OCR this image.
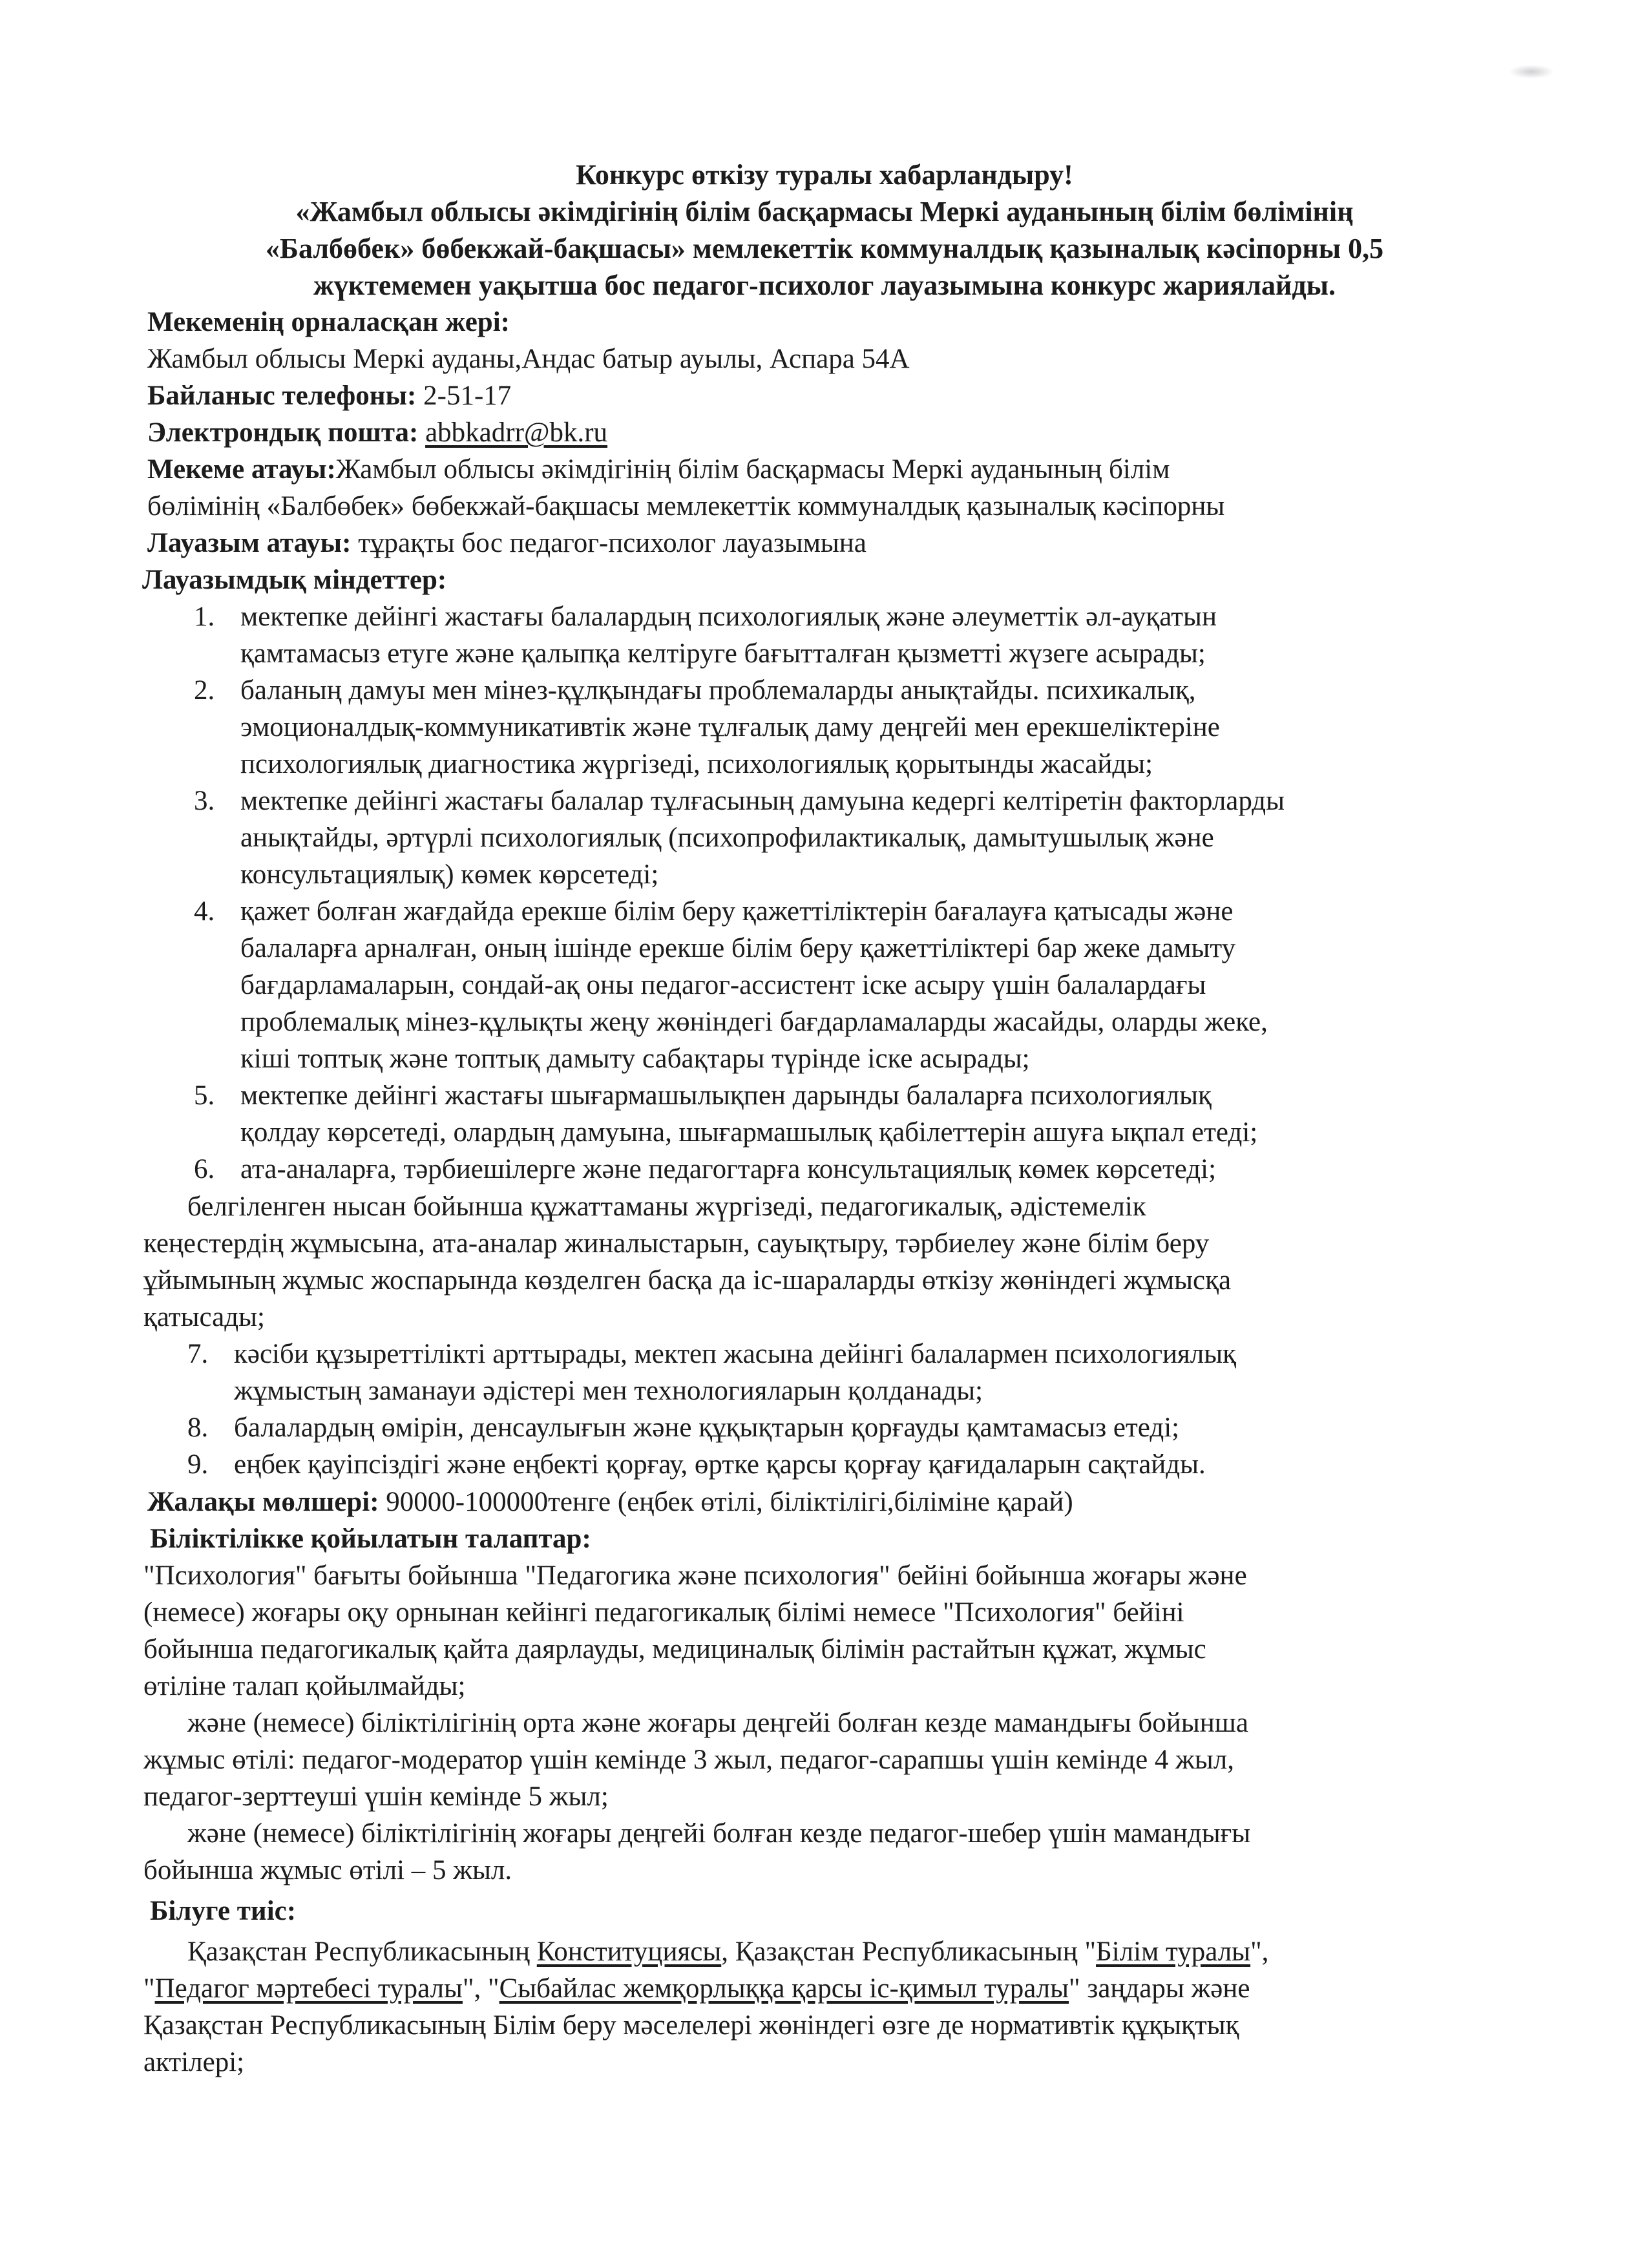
Конкурс өткізу туралы хабарландыру!
«Жамбыл облысы әкімдігінің білім басқармасы Меркі ауданының білім бөлімінің
«Балбөбек» бөбекжай-бақшасы» мемлекеттік коммуналдық қазыналық кәсіпорны 0,5
жүктемемен уақытша бос педагог-психолог лауазымына конкурс жариялайды.
Мекеменің орналасқан жері:
Жамбыл облысы Меркі ауданы,Андас батыр ауылы, Аспара 54А
Байланыс телефоны: 2-51-17
Электрондық пошта: abbkadrr@bk.ru
Мекеме атауы:Жамбыл облысы әкімдігінің білім басқармасы Меркі ауданының білім
бөлімінің «Балбөбек» бөбекжай-бақшасы мемлекеттік коммуналдық қазыналық кәсіпорны
Лауазым атауы: тұрақты бос педагог-психолог лауазымына
Лауазымдық міндеттер:
1. мектепке дейінгі жастағы балалардың психологиялық және әлеуметтік әл-ауқатын
қамтамасыз етуге және қалыпқа келтіруге бағытталған қызметті жүзеге асырады;
2. баланың дамуы мен мінез-құлқындағы проблемаларды анықтайды. психикалық,
эмоционалдық-коммуникативтік және тұлғалық даму деңгейі мен ерекшеліктеріне
психологиялық диагностика жүргізеді, психологиялық қорытынды жасайды;
3. мектепке дейінгі жастағы балалар тұлғасының дамуына кедергі келтіретін факторларды
анықтайды, әртүрлі психологиялық (психопрофилактикалық, дамытушылық және
консультациялық) көмек көрсетеді;
4. қажет болған жағдайда ерекше білім беру қажеттіліктерін бағалауға қатысады және
балаларға арналған, оның ішінде ерекше білім беру қажеттіліктері бар жеке дамыту
бағдарламаларын, сондай-ақ оны педагог-ассистент іске асыру үшін балалардағы
проблемалық мінез-құлықты жеңу жөніндегі бағдарламаларды жасайды, оларды жеке,
кіші топтық және топтық дамыту сабақтары түрінде іске асырады;
5. мектепке дейінгі жастағы шығармашылықпен дарынды балаларға психологиялық
қолдау көрсетеді, олардың дамуына, шығармашылық қабілеттерін ашуға ықпал етеді;
6. ата-аналарға, тәрбиешілерге және педагогтарға консультациялық көмек көрсетеді;
белгіленген нысан бойынша құжаттаманы жүргізеді, педагогикалық, әдістемелік
кеңестердің жұмысына, ата-аналар жиналыстарын, сауықтыру, тәрбиелеу және білім беру
ұйымының жұмыс жоспарында көзделген басқа да іс-шараларды өткізу жөніндегі жұмысқа
қатысады;
7. кәсіби құзыреттілікті арттырады, мектеп жасына дейінгі балалармен психологиялық
жұмыстың заманауи әдістері мен технологияларын қолданады;
8. балалардың өмірін, денсаулығын және құқықтарын қорғауды қамтамасыз етеді;
9. еңбек қауіпсіздігі және еңбекті қорғау, өртке қарсы қорғау қағидаларын сақтайды.
Жалақы мөлшері: 90000-100000тенге (еңбек өтілі, біліктілігі,біліміне қарай)
Біліктілікке қойылатын талаптар:
"Психология" бағыты бойынша "Педагогика және психология" бейіні бойынша жоғары және
(немесе) жоғары оқу орнынан кейінгі педагогикалық білімі немесе "Психология" бейіні
бойынша педагогикалық қайта даярлауды, медициналық білімін растайтын құжат, жұмыс
өтіліне талап қойылмайды;
және (немесе) біліктілігінің орта және жоғары деңгейі болған кезде мамандығы бойынша
жұмыс өтілі: педагог-модератор үшін кемінде 3 жыл, педагог-сарапшы үшін кемінде 4 жыл,
педагог-зерттеуші үшін кемінде 5 жыл;
және (немесе) біліктілігінің жоғары деңгейі болған кезде педагог-шебер үшін мамандығы
бойынша жұмыс өтілі – 5 жыл.
Білуге тиіс:
Қазақстан Республикасының Конституциясы, Қазақстан Республикасының "Білім туралы",
"Педагог мәртебесі туралы", "Сыбайлас жемқорлыққа қарсы іс-қимыл туралы" заңдары және
Қазақстан Республикасының Білім беру мәселелері жөніндегі өзге де нормативтік құқықтық
актілері;
